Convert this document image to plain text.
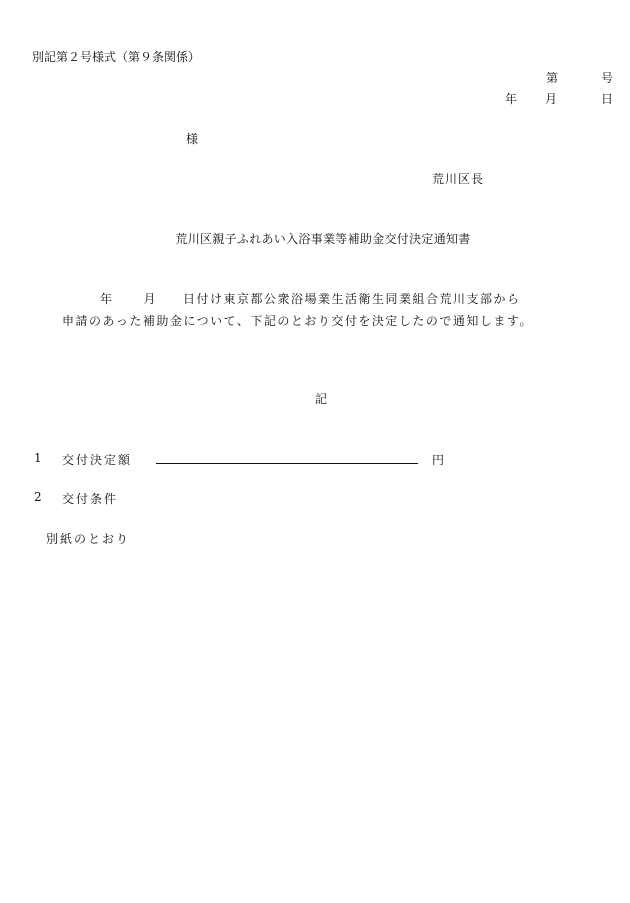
別記第２号様式（第９条関係）
第	号
年 月	日
様
荒川区長
荒川区親子ふれあい入浴事業等補助金交付決定通知書
年	月 日付け東京都公衆浴場業生活衛生同業組合荒川支部から
申請のあった補助金について、下記のとおり交付を決定したので通知します。
記
1 交付決定額	円
2 交付条件
別紙のとおり
